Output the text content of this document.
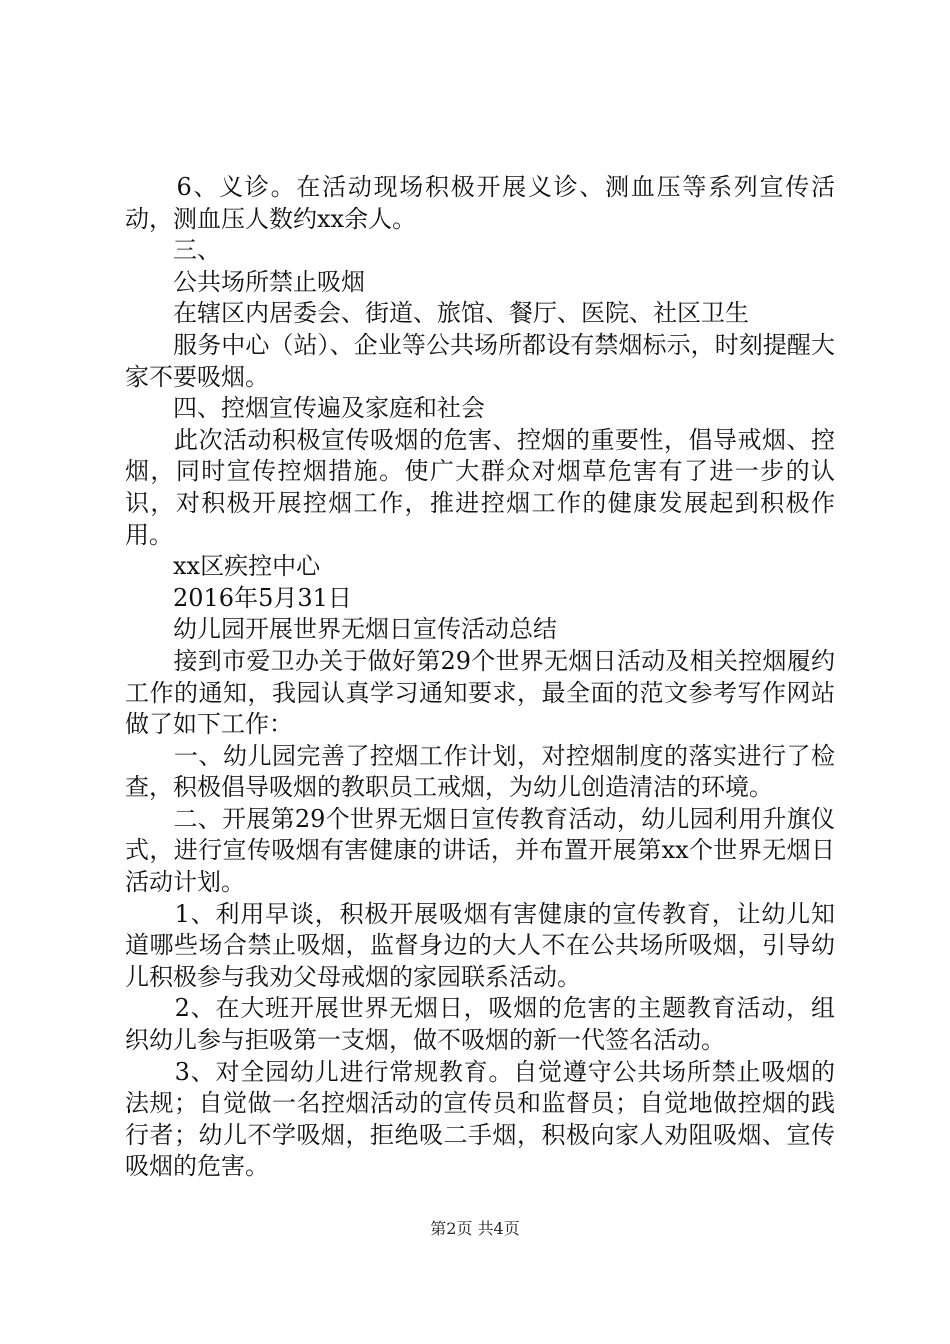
　　6、义诊。在活动现场积极开展义诊、测血压等系列宣传活动，测血压人数约xx余人。

　　三、

　　公共场所禁止吸烟

　　在辖区内居委会、街道、旅馆、餐厅、医院、社区卫生

　　服务中心（站）、企业等公共场所都设有禁烟标示，时刻提醒大家不要吸烟。

　　四、控烟宣传遍及家庭和社会

　　此次活动积极宣传吸烟的危害、控烟的重要性，倡导戒烟、控烟，同时宣传控烟措施。使广大群众对烟草危害有了进一步的认识，对积极开展控烟工作，推进控烟工作的健康发展起到积极作用。

　　xx区疾控中心

　　2016年5月31日

　　幼儿园开展世界无烟日宣传活动总结

　　接到市爱卫办关于做好第29个世界无烟日活动及相关控烟履约工作的通知，我园认真学习通知要求，最全面的范文参考写作网站做了如下工作：

　　一、幼儿园完善了控烟工作计划，对控烟制度的落实进行了检查，积极倡导吸烟的教职员工戒烟，为幼儿创造清洁的环境。

　　二、开展第29个世界无烟日宣传教育活动，幼儿园利用升旗仪式，进行宣传吸烟有害健康的讲话，并布置开展第xx个世界无烟日活动计划。

　　1、利用早谈，积极开展吸烟有害健康的宣传教育，让幼儿知道哪些场合禁止吸烟，监督身边的大人不在公共场所吸烟，引导幼儿积极参与我劝父母戒烟的家园联系活动。

　　2、在大班开展世界无烟日，吸烟的危害的主题教育活动，组织幼儿参与拒吸第一支烟，做不吸烟的新一代签名活动。

　　3、对全园幼儿进行常规教育。自觉遵守公共场所禁止吸烟的法规；自觉做一名控烟活动的宣传员和监督员；自觉地做控烟的践行者；幼儿不学吸烟，拒绝吸二手烟，积极向家人劝阻吸烟、宣传吸烟的危害。

第2页 共4页
